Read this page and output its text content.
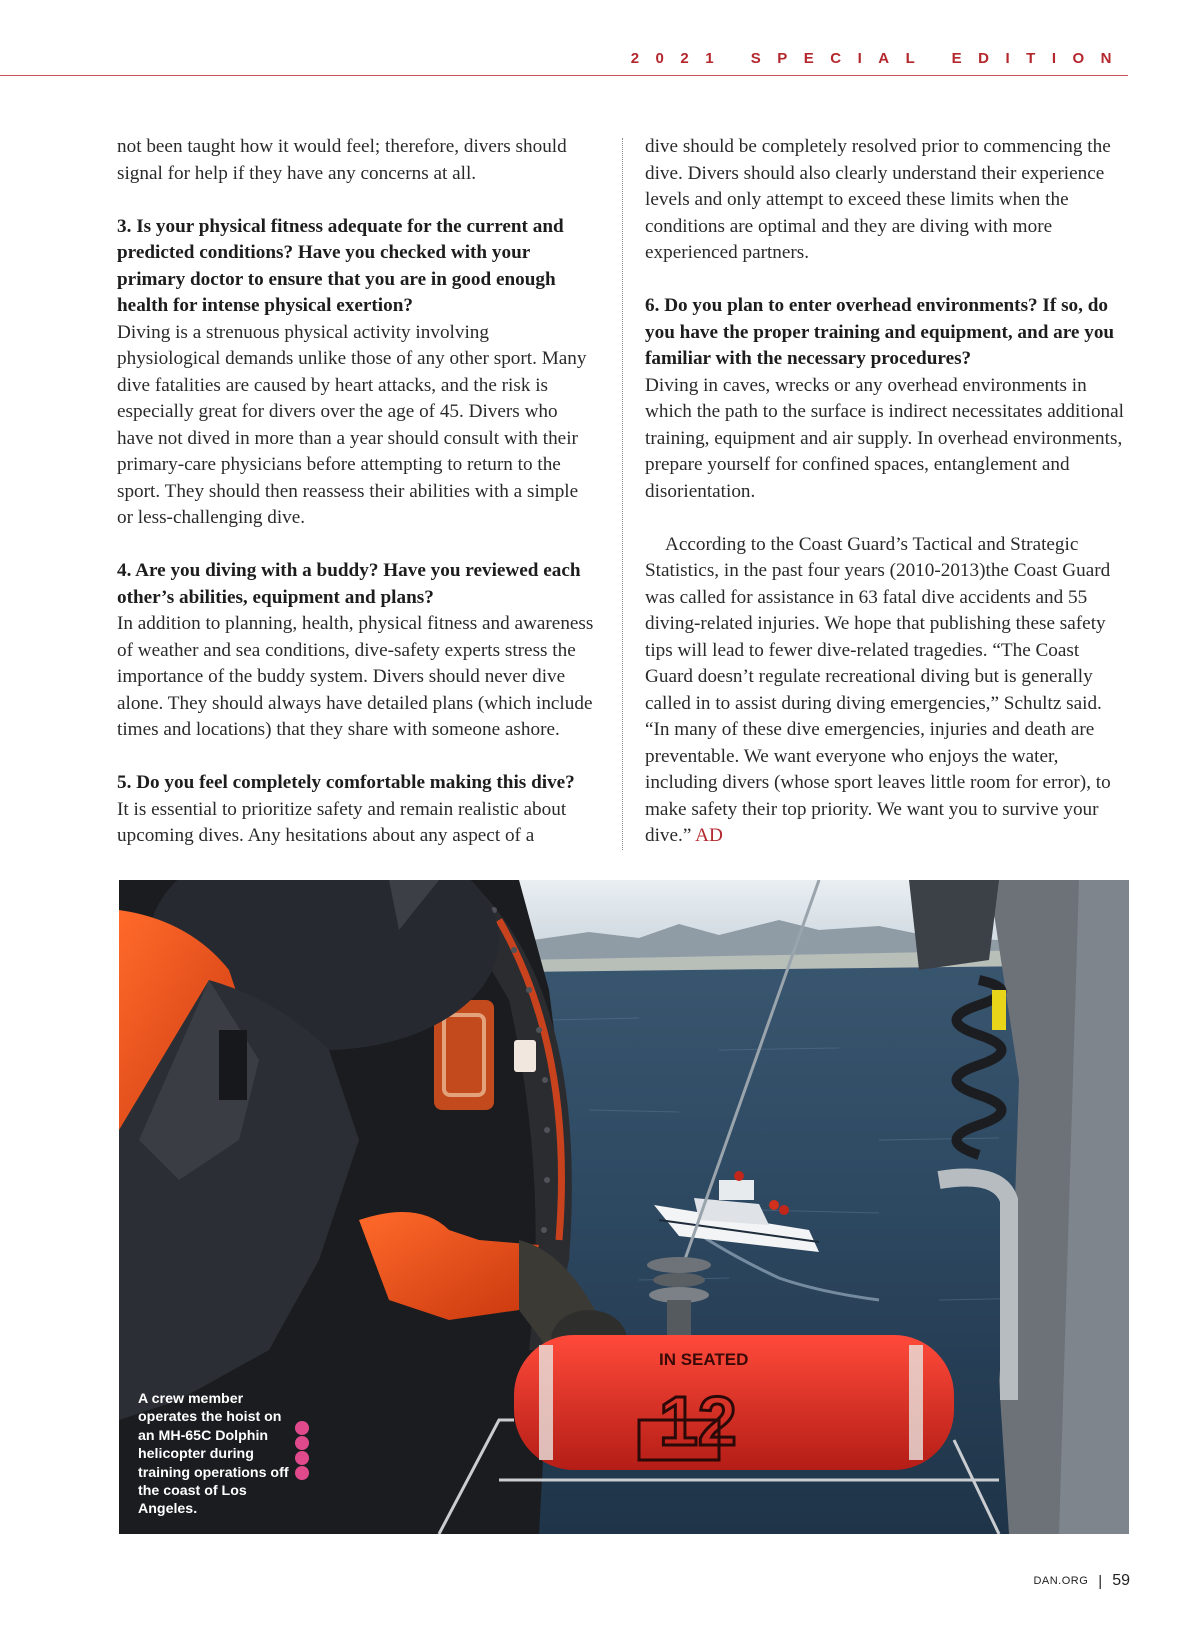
2021 SPECIAL EDITION

not been taught how it would feel; therefore, divers should signal for help if they have any concerns at all.

3. Is your physical fitness adequate for the current and predicted conditions? Have you checked with your primary doctor to ensure that you are in good enough health for intense physical exertion?
Diving is a strenuous physical activity involving physiological demands unlike those of any other sport. Many dive fatalities are caused by heart attacks, and the risk is especially great for divers over the age of 45. Divers who have not dived in more than a year should consult with their primary-care physicians before attempting to return to the sport. They should then reassess their abilities with a simple or less-challenging dive.

4. Are you diving with a buddy? Have you reviewed each other’s abilities, equipment and plans?
In addition to planning, health, physical fitness and awareness of weather and sea conditions, dive-safety experts stress the importance of the buddy system. Divers should never dive alone. They should always have detailed plans (which include times and locations) that they share with someone ashore.

5. Do you feel completely comfortable making this dive?
It is essential to prioritize safety and remain realistic about upcoming dives. Any hesitations about any aspect of a

dive should be completely resolved prior to commencing the dive. Divers should also clearly understand their experience levels and only attempt to exceed these limits when the conditions are optimal and they are diving with more experienced partners.

6. Do you plan to enter overhead environments? If so, do you have the proper training and equipment, and are you familiar with the necessary procedures?
Diving in caves, wrecks or any overhead environments in which the path to the surface is indirect necessitates additional training, equipment and air supply. In overhead environments, prepare yourself for confined spaces, entanglement and disorientation.

According to the Coast Guard’s Tactical and Strategic Statistics, in the past four years (2010-2013)the Coast Guard was called for assistance in 63 fatal dive accidents and 55 diving-related injuries. We hope that publishing these safety tips will lead to fewer dive-related tragedies. “The Coast Guard doesn’t regulate recreational diving but is generally called in to assist during diving emergencies,” Schultz said. “In many of these dive emergencies, injuries and death are preventable. We want everyone who enjoys the water, including divers (whose sport leaves little room for error), to make safety their top priority. We want you to survive your dive.” AD

IN SEATED
12
A crew member operates the hoist on an MH-65C Dolphin helicopter during training operations off the coast of Los Angeles.
DAN.ORG | 59
